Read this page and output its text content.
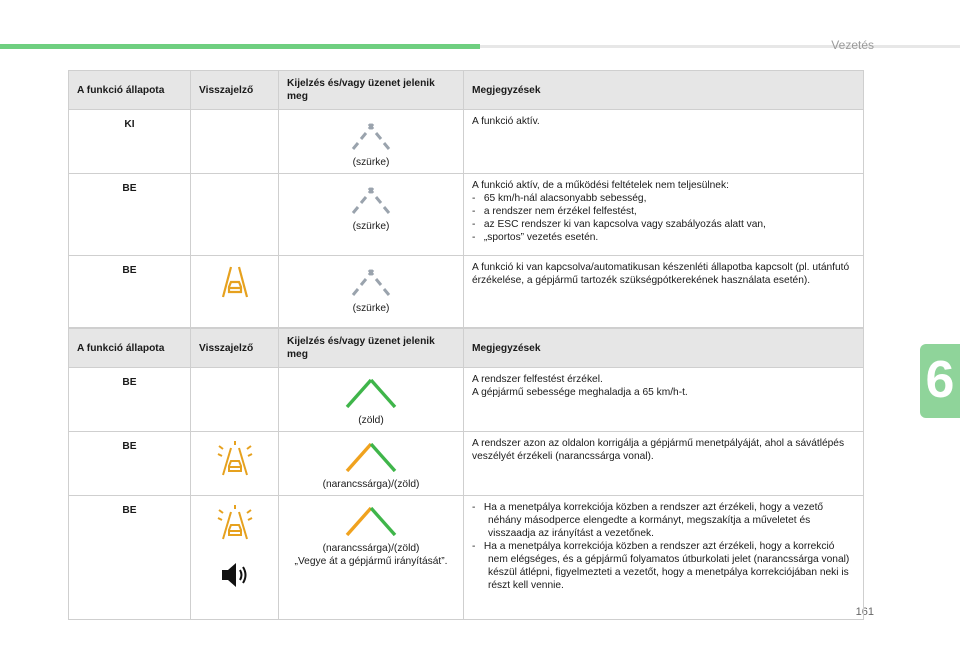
Vezetés
6
161
A funkció állapota	Visszajelző	Kijelzés és/vagy üzenet jelenik meg	Megjegyzések
KI		(szürke)	A funkció aktív.

BE		(szürke)	A funkció aktív, de a működési feltételek nem teljesülnek:
-   65 km/h-nál alacsonyabb sebesség,
-   a rendszer nem érzékel felfestést,
-   az ESC rendszer ki van kapcsolva vagy szabályozás alatt van,
-   „sportos” vezetés esetén.

BE		(szürke)	A funkció ki van kapcsolva/automatikusan készenléti állapotba kapcsolt (pl. utánfutó érzékelése, a gépjármű tartozék szükségpótkerekének használata esetén).
A funkció állapota	Visszajelző	Kijelzés és/vagy üzenet jelenik meg	Megjegyzések
BE		(zöld)	A rendszer felfestést érzékel.
A gépjármű sebessége meghaladja a 65 km/h-t.

BE		(narancssárga)/(zöld)	A rendszer azon az oldalon korrigálja a gépjármű menetpályáját, ahol a sávátlépés veszélyét érzékeli (narancssárga vonal).

BE		(narancssárga)/(zöld)
„Vegye át a gépjármű irányítását”.	-   Ha a menetpálya korrekciója közben a rendszer azt érzékeli, hogy a vezető néhány másodperce elengedte a kormányt, megszakítja a műveletet és visszaadja az irányítást a vezetőnek.
-   Ha a menetpálya korrekciója közben a rendszer azt érzékeli, hogy a korrekció nem elégséges, és a gépjármű folyamatos útburkolati jelet (narancssárga vonal) készül átlépni, figyelmezteti a vezetőt, hogy a menetpálya korrekciójában neki is részt kell vennie.
